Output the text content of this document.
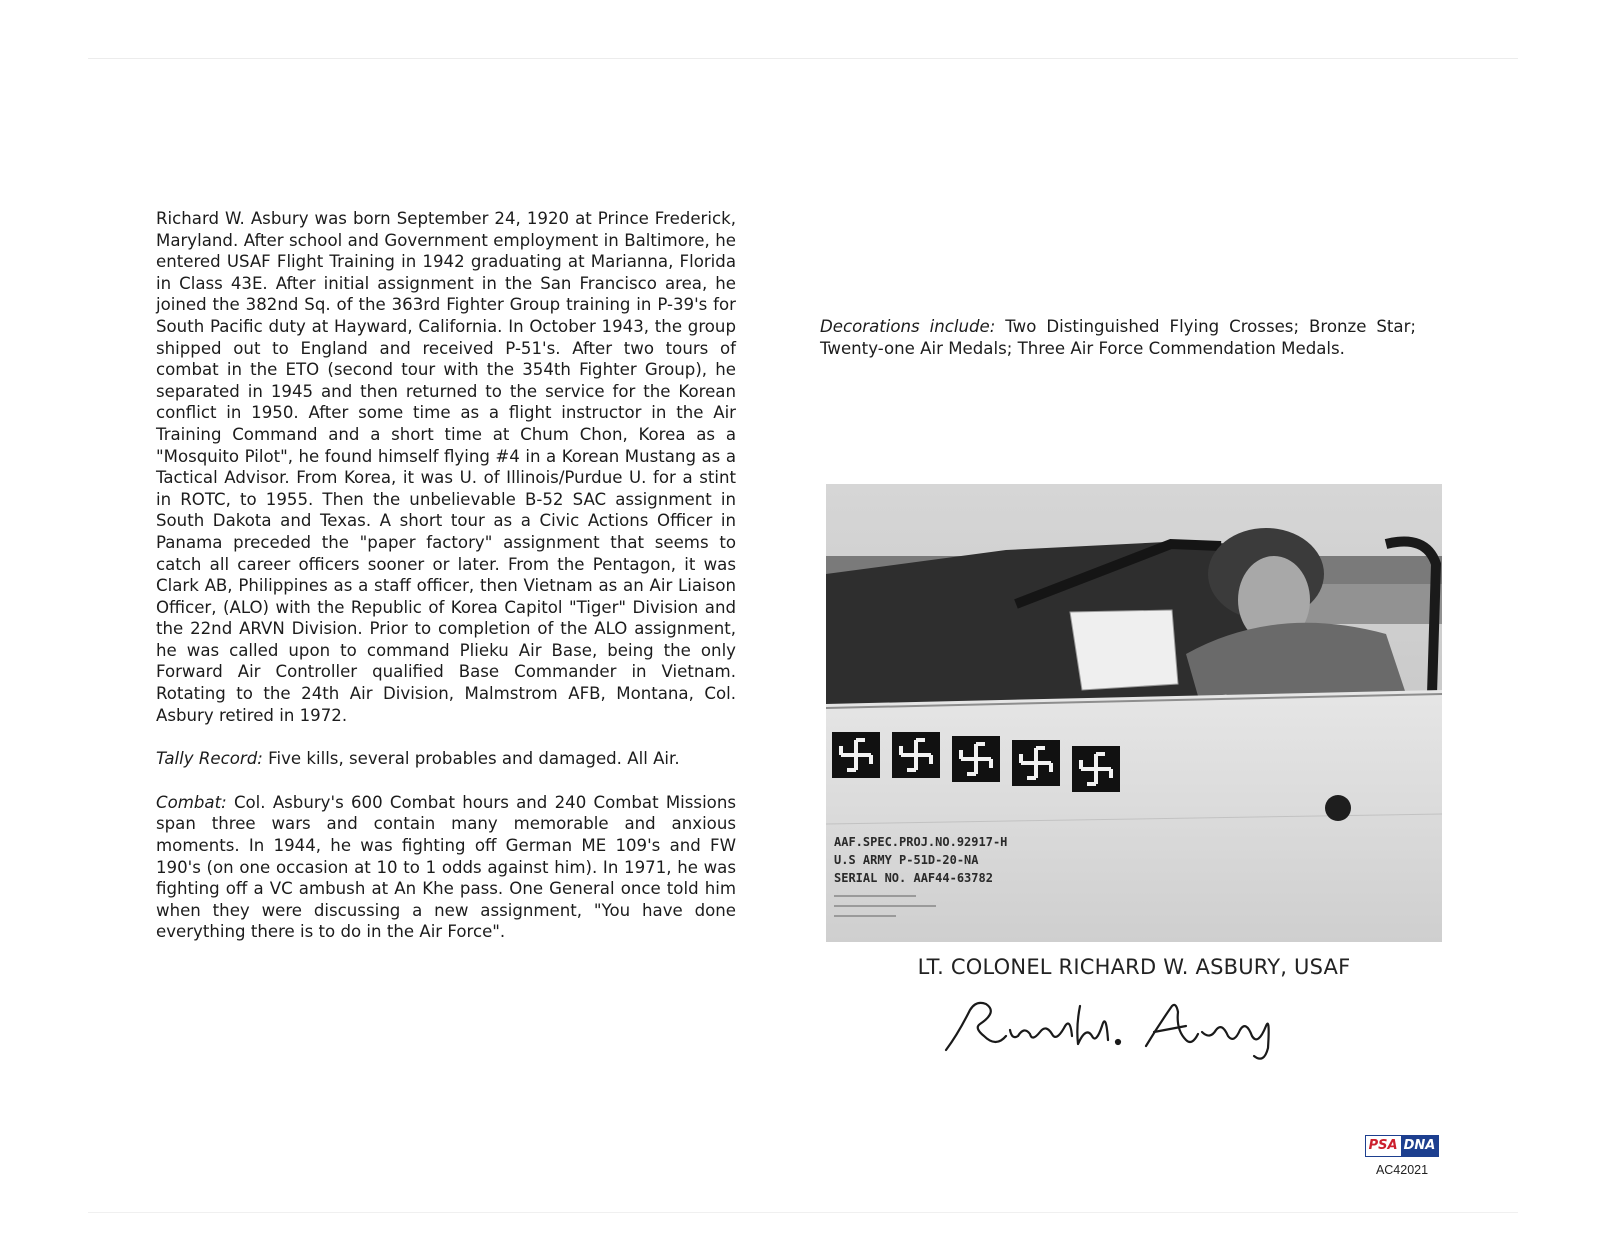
Richard W. Asbury was born September 24, 1920 at Prince Frederick, Maryland. After school and Government employment in Baltimore, he entered USAF Flight Training in 1942 graduating at Marianna, Florida in Class 43E. After initial assignment in the San Francisco area, he joined the 382nd Sq. of the 363rd Fighter Group training in P-39's for South Pacific duty at Hayward, California. In October 1943, the group shipped out to England and received P-51's. After two tours of combat in the ETO (second tour with the 354th Fighter Group), he separated in 1945 and then returned to the service for the Korean conflict in 1950. After some time as a flight instructor in the Air Training Command and a short time at Chum Chon, Korea as a "Mosquito Pilot", he found himself flying #4 in a Korean Mustang as a Tactical Advisor. From Korea, it was U. of Illinois/Purdue U. for a stint in ROTC, to 1955. Then the unbelievable B-52 SAC assignment in South Dakota and Texas. A short tour as a Civic Actions Officer in Panama preceded the "paper factory" assignment that seems to catch all career officers sooner or later. From the Pentagon, it was Clark AB, Philippines as a staff officer, then Vietnam as an Air Liaison Officer, (ALO) with the Republic of Korea Capitol "Tiger" Division and the 22nd ARVN Division. Prior to completion of the ALO assignment, he was called upon to command Plieku Air Base, being the only Forward Air Controller qualified Base Commander in Vietnam. Rotating to the 24th Air Division, Malmstrom AFB, Montana, Col. Asbury retired in 1972.

Tally Record: Five kills, several probables and damaged. All Air.

Combat: Col. Asbury's 600 Combat hours and 240 Combat Missions span three wars and contain many memorable and anxious moments. In 1944, he was fighting off German ME 109's and FW 190's (on one occasion at 10 to 1 odds against him). In 1971, he was fighting off a VC ambush at An Khe pass. One General once told him when they were discussing a new assignment, "You have done everything there is to do in the Air Force".

Decorations include: Two Distinguished Flying Crosses; Bronze Star; Twenty-one Air Medals; Three Air Force Commendation Medals.
AAF.SPEC.PROJ.NO.92917-H
U.S ARMY P-51D-20-NA
SERIAL NO. AAF44-63782
LT. COLONEL RICHARD W. ASBURY, USAF
PSA DNA
AC42021
